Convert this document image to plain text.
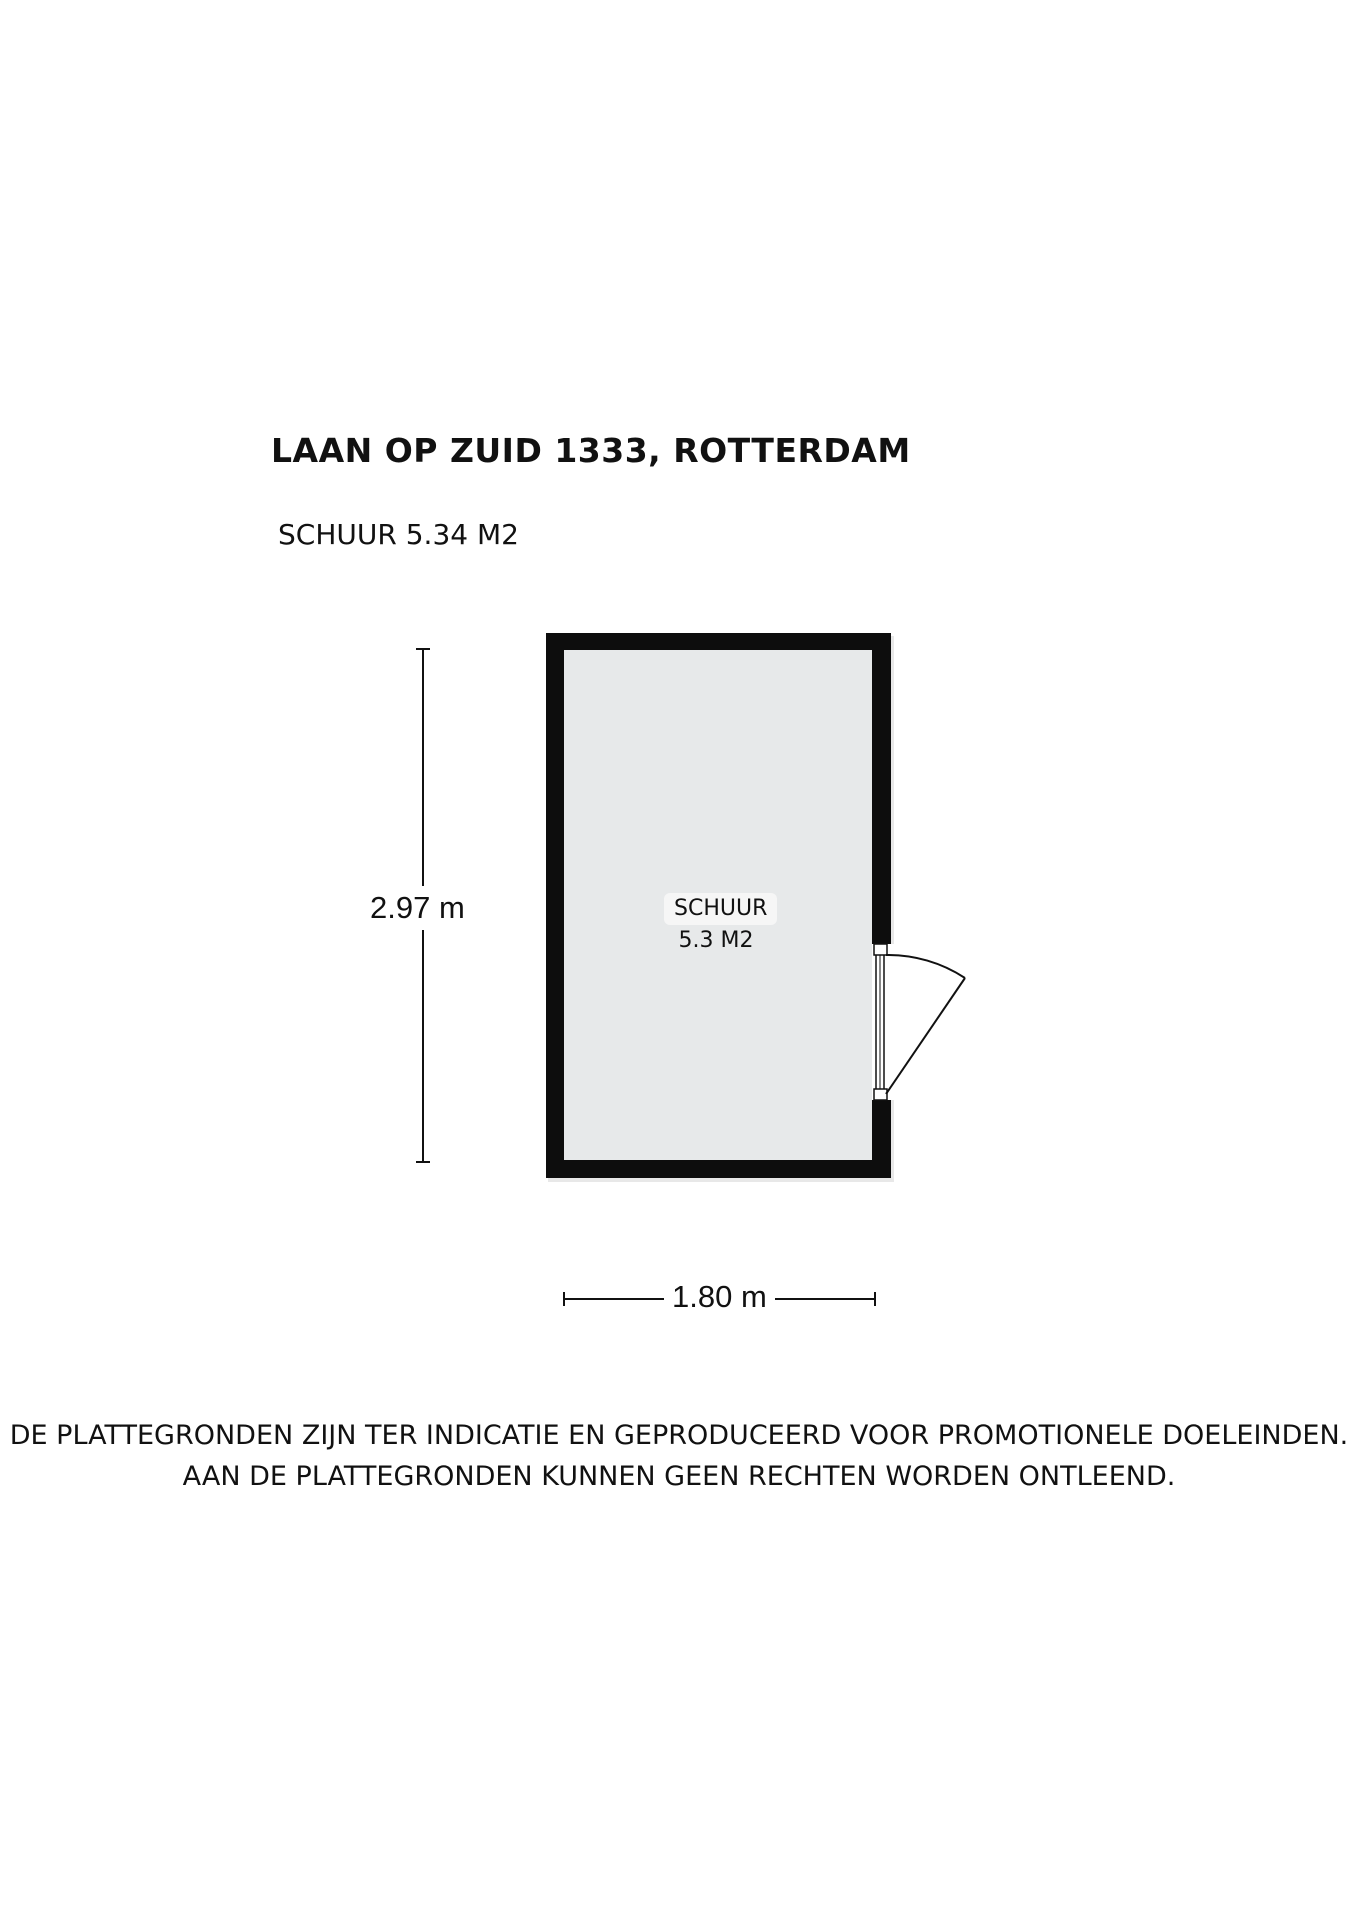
LAAN OP ZUID 1333, ROTTERDAM
SCHUUR 5.34 M2
2.97 m
1.80 m
SCHUUR
5.3 M2
DE PLATTEGRONDEN ZIJN TER INDICATIE EN GEPRODUCEERD VOOR PROMOTIONELE DOELEINDEN.
AAN DE PLATTEGRONDEN KUNNEN GEEN RECHTEN WORDEN ONTLEEND.
